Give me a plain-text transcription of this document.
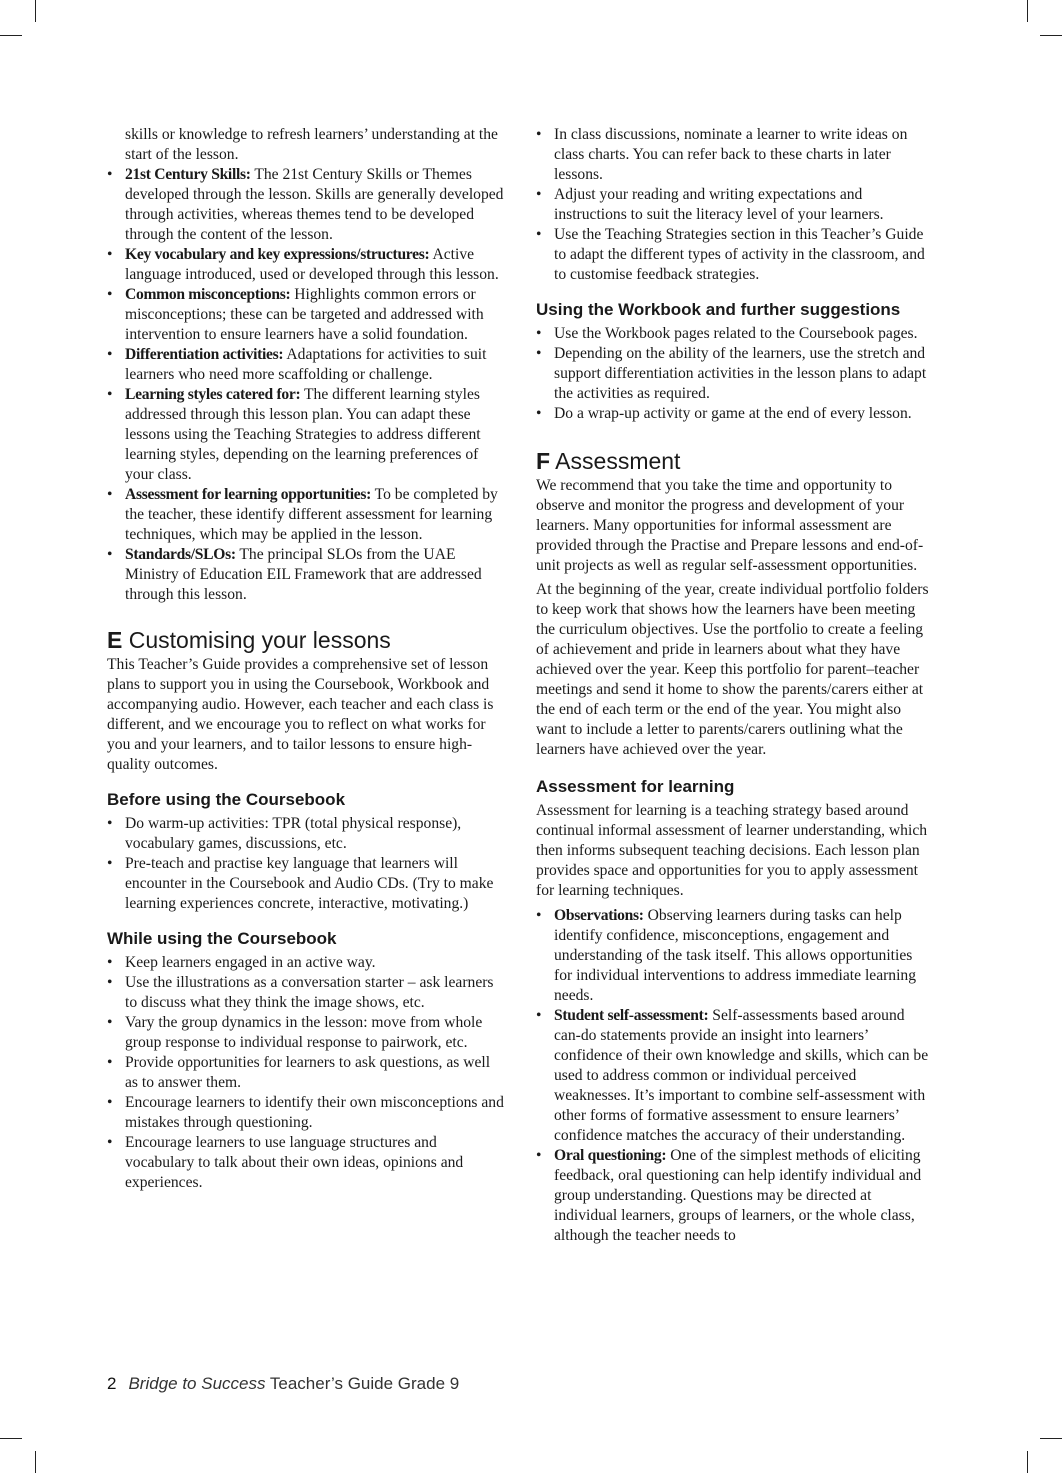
skills or knowledge to refresh learners’ understanding at the start of the lesson.
• 21st Century Skills: The 21st Century Skills or Themes developed through the lesson. Skills are generally developed through activities, whereas themes tend to be developed through the content of the lesson.
• Key vocabulary and key expressions/structures: Active language introduced, used or developed through this lesson.
• Common misconceptions: Highlights common errors or misconceptions; these can be targeted and addressed with intervention to ensure learners have a solid foundation.
• Differentiation activities: Adaptations for activities to suit learners who need more scaffolding or challenge.
• Learning styles catered for: The different learning styles addressed through this lesson plan. You can adapt these lessons using the Teaching Strategies to address different learning styles, depending on the learning preferences of your class.
• Assessment for learning opportunities: To be completed by the teacher, these identify different assessment for learning techniques, which may be applied in the lesson.
• Standards/SLOs: The principal SLOs from the UAE Ministry of Education EIL Framework that are addressed through this lesson.
E Customising your lessons

This Teacher’s Guide provides a comprehensive set of lesson plans to support you in using the Coursebook, Workbook and accompanying audio. However, each teacher and each class is different, and we encourage you to reflect on what works for you and your learners, and to tailor lessons to ensure high-quality outcomes.

Before using the Coursebook
• Do warm-up activities: TPR (total physical response), vocabulary games, discussions, etc.
• Pre-teach and practise key language that learners will encounter in the Coursebook and Audio CDs. (Try to make learning experiences concrete, interactive, motivating.)
While using the Coursebook
• Keep learners engaged in an active way.
• Use the illustrations as a conversation starter – ask learners to discuss what they think the image shows, etc.
• Vary the group dynamics in the lesson: move from whole group response to individual response to pairwork, etc.
• Provide opportunities for learners to ask questions, as well as to answer them.
• Encourage learners to identify their own misconceptions and mistakes through questioning.
• Encourage learners to use language structures and vocabulary to talk about their own ideas, opinions and experiences.
• In class discussions, nominate a learner to write ideas on class charts. You can refer back to these charts in later lessons.
• Adjust your reading and writing expectations and instructions to suit the literacy level of your learners.
• Use the Teaching Strategies section in this Teacher’s Guide to adapt the different types of activity in the classroom, and to customise feedback strategies.
Using the Workbook and further suggestions
• Use the Workbook pages related to the Coursebook pages.
• Depending on the ability of the learners, use the stretch and support differentiation activities in the lesson plans to adapt the activities as required.
• Do a wrap-up activity or game at the end of every lesson.
F Assessment

We recommend that you take the time and opportunity to observe and monitor the progress and development of your learners. Many opportunities for informal assessment are provided through the Practise and Prepare lessons and end-of-unit projects as well as regular self-assessment opportunities.

At the beginning of the year, create individual portfolio folders to keep work that shows how the learners have been meeting the curriculum objectives. Use the portfolio to create a feeling of achievement and pride in learners about what they have achieved over the year. Keep this portfolio for parent–teacher meetings and send it home to show the parents/carers either at the end of each term or the end of the year. You might also want to include a letter to parents/carers outlining what the learners have achieved over the year.

Assessment for learning

Assessment for learning is a teaching strategy based around continual informal assessment of learner understanding, which then informs subsequent teaching decisions. Each lesson plan provides space and opportunities for you to apply assessment for learning techniques.

• Observations: Observing learners during tasks can help identify confidence, misconceptions, engagement and understanding of the task itself. This allows opportunities for individual interventions to address immediate learning needs.
• Student self-assessment: Self-assessments based around can-do statements provide an insight into learners’ confidence of their own knowledge and skills, which can be used to address common or individual perceived weaknesses. It’s important to combine self-assessment with other forms of formative assessment to ensure learners’ confidence matches the accuracy of their understanding.
• Oral questioning: One of the simplest methods of eliciting feedback, oral questioning can help identify individual and group understanding. Questions may be directed at individual learners, groups of learners, or the whole class, although the teacher needs to
2 Bridge to Success Teacher’s Guide Grade 9
